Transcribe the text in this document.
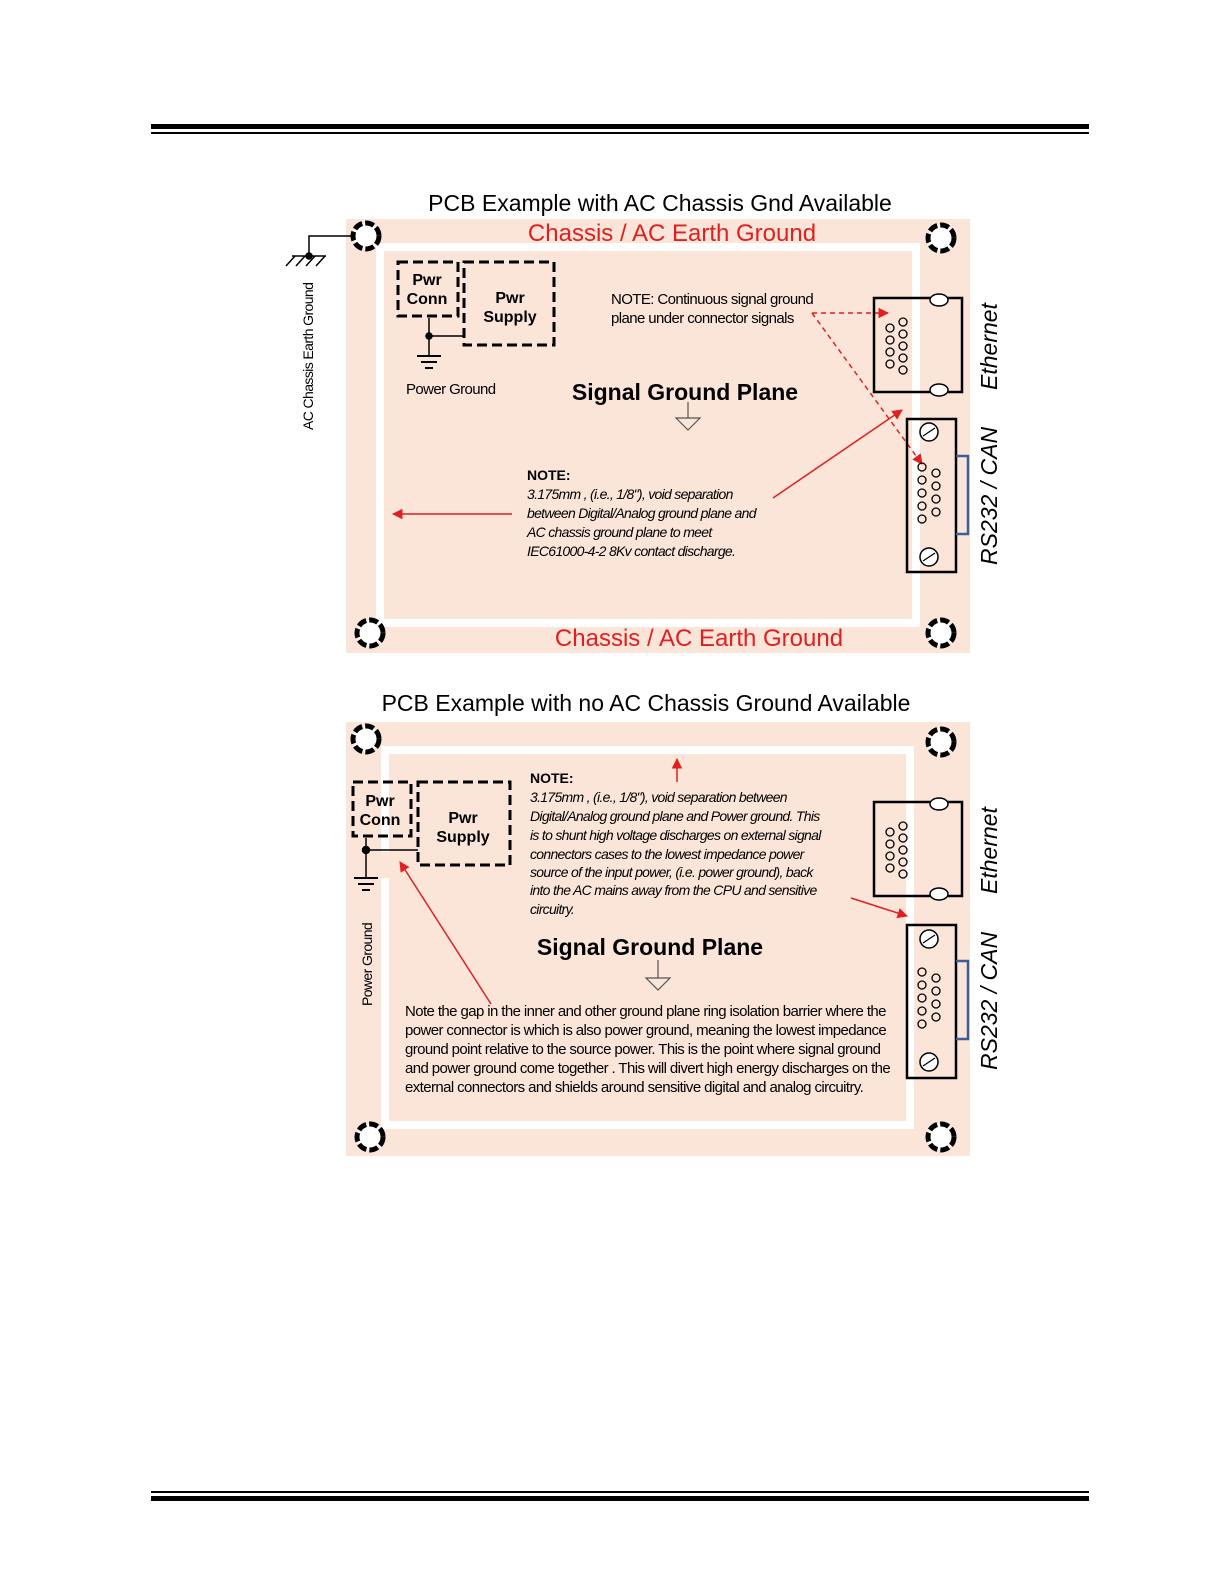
PCB Example with AC Chassis Gnd Available
Chassis / AC Earth Ground
Chassis / AC Earth Ground
AC Chassis Earth Ground
Pwr
Conn	Pwr
Supply
Power Ground
NOTE: Continuous signal ground
plane under connector signals
Signal Ground Plane
NOTE:
3.175mm , (i.e., 1/8"), void separation
between Digital/Analog ground plane and
AC chassis ground plane to meet
IEC61000-4-2 8Kv contact discharge.
Ethernet
RS232 / CAN
PCB Example with no AC Chassis Ground Available
Pwr
Conn	Pwr
Supply
Power Ground
NOTE:
3.175mm , (i.e., 1/8"), void separation between
Digital/Analog ground plane and Power ground. This
is to shunt high voltage discharges on external signal
connectors cases to the lowest impedance power
source of the input power, (i.e. power ground), back
into the AC mains away from the CPU and sensitive
circuitry.
Signal Ground Plane
Note the gap in the inner and other ground plane ring isolation barrier where the
power connector is which is also power ground, meaning the lowest impedance
ground point relative to the source power. This is the point where signal ground
and power ground come together . This will divert high energy discharges on the
external connectors and shields around sensitive digital and analog circuitry.
Ethernet
RS232 / CAN
